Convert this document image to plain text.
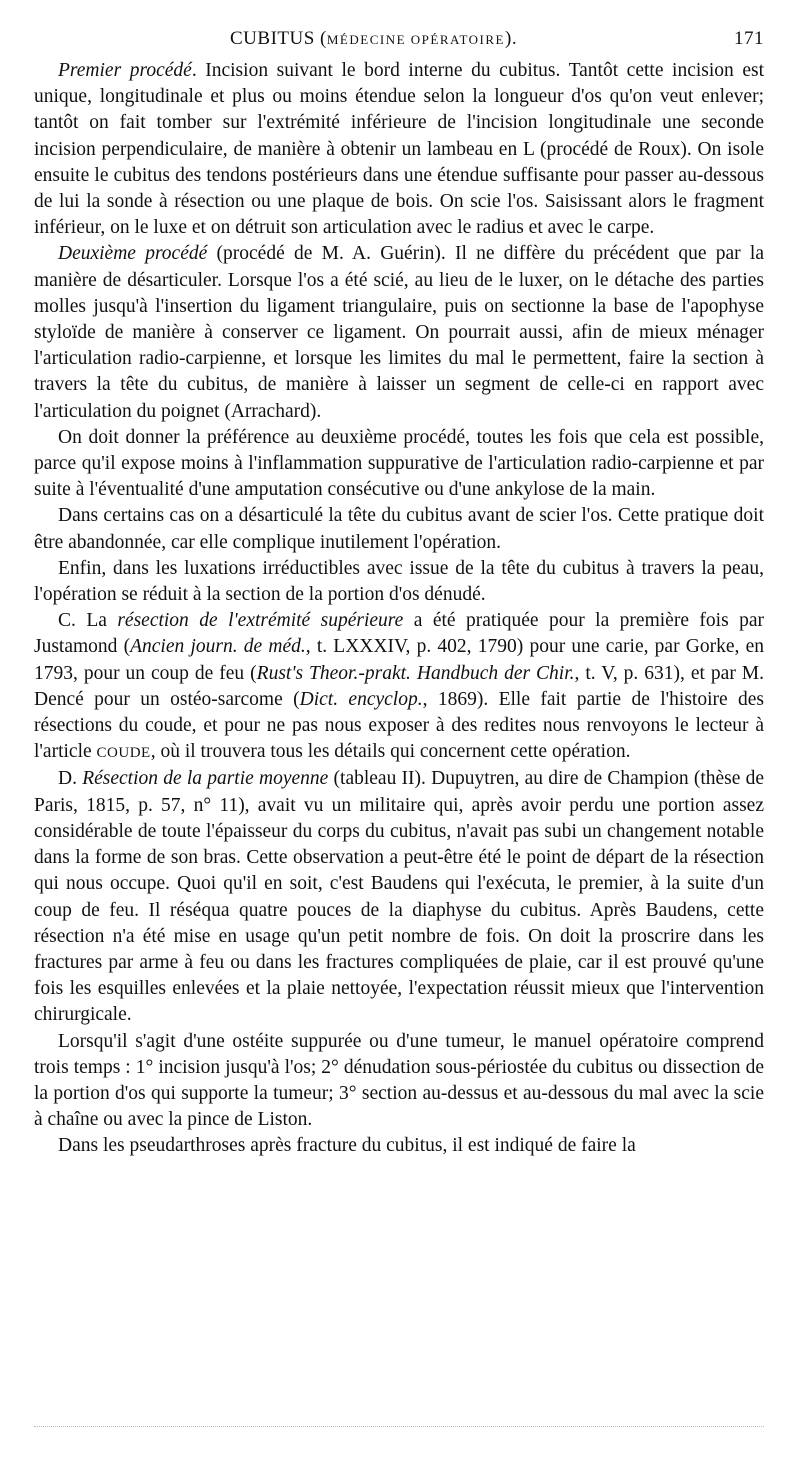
CUBITUS (MÉDECINE OPÉRATOIRE).	171

Premier procédé. Incision suivant le bord interne du cubitus. Tantôt cette incision est unique, longitudinale et plus ou moins étendue selon la longueur d'os qu'on veut enlever; tantôt on fait tomber sur l'extrémité inférieure de l'incision longitudinale une seconde incision perpendiculaire, de manière à obtenir un lambeau en L (procédé de Roux). On isole ensuite le cubitus des tendons postérieurs dans une étendue suffisante pour passer au-dessous de lui la sonde à résection ou une plaque de bois. On scie l'os. Saisissant alors le fragment inférieur, on le luxe et on détruit son articulation avec le radius et avec le carpe.

Deuxième procédé (procédé de M. A. Guérin). Il ne diffère du précédent que par la manière de désarticuler. Lorsque l'os a été scié, au lieu de le luxer, on le détache des parties molles jusqu'à l'insertion du ligament triangulaire, puis on sectionne la base de l'apophyse styloïde de manière à conserver ce ligament. On pourrait aussi, afin de mieux ménager l'articulation radio-carpienne, et lorsque les limites du mal le permettent, faire la section à travers la tête du cubitus, de manière à laisser un segment de celle-ci en rapport avec l'articulation du poignet (Arrachard).

On doit donner la préférence au deuxième procédé, toutes les fois que cela est possible, parce qu'il expose moins à l'inflammation suppurative de l'articulation radio-carpienne et par suite à l'éventualité d'une amputation consécutive ou d'une ankylose de la main.

Dans certains cas on a désarticulé la tête du cubitus avant de scier l'os. Cette pratique doit être abandonnée, car elle complique inutilement l'opération.

Enfin, dans les luxations irréductibles avec issue de la tête du cubitus à travers la peau, l'opération se réduit à la section de la portion d'os dénudé.

C. La résection de l'extrémité supérieure a été pratiquée pour la première fois par Justamond (Ancien journ. de méd., t. LXXXIV, p. 402, 1790) pour une carie, par Gorke, en 1793, pour un coup de feu (Rust's Theor.-prakt. Handbuch der Chir., t. V, p. 631), et par M. Dencé pour un ostéo-sarcome (Dict. encyclop., 1869). Elle fait partie de l'histoire des résections du coude, et pour ne pas nous exposer à des redites nous renvoyons le lecteur à l'article COUDE, où il trouvera tous les détails qui concernent cette opération.

D. Résection de la partie moyenne (tableau II). Dupuytren, au dire de Champion (thèse de Paris, 1815, p. 57, n° 11), avait vu un militaire qui, après avoir perdu une portion assez considérable de toute l'épaisseur du corps du cubitus, n'avait pas subi un changement notable dans la forme de son bras. Cette observation a peut-être été le point de départ de la résection qui nous occupe. Quoi qu'il en soit, c'est Baudens qui l'exécuta, le premier, à la suite d'un coup de feu. Il réséqua quatre pouces de la diaphyse du cubitus. Après Baudens, cette résection n'a été mise en usage qu'un petit nombre de fois. On doit la proscrire dans les fractures par arme à feu ou dans les fractures compliquées de plaie, car il est prouvé qu'une fois les esquilles enlevées et la plaie nettoyée, l'expectation réussit mieux que l'intervention chirurgicale.

Lorsqu'il s'agit d'une ostéite suppurée ou d'une tumeur, le manuel opératoire comprend trois temps : 1° incision jusqu'à l'os; 2° dénudation sous-périostée du cubitus ou dissection de la portion d'os qui supporte la tumeur; 3° section au-dessus et au-dessous du mal avec la scie à chaîne ou avec la pince de Liston.

Dans les pseudarthroses après fracture du cubitus, il est indiqué de faire la
